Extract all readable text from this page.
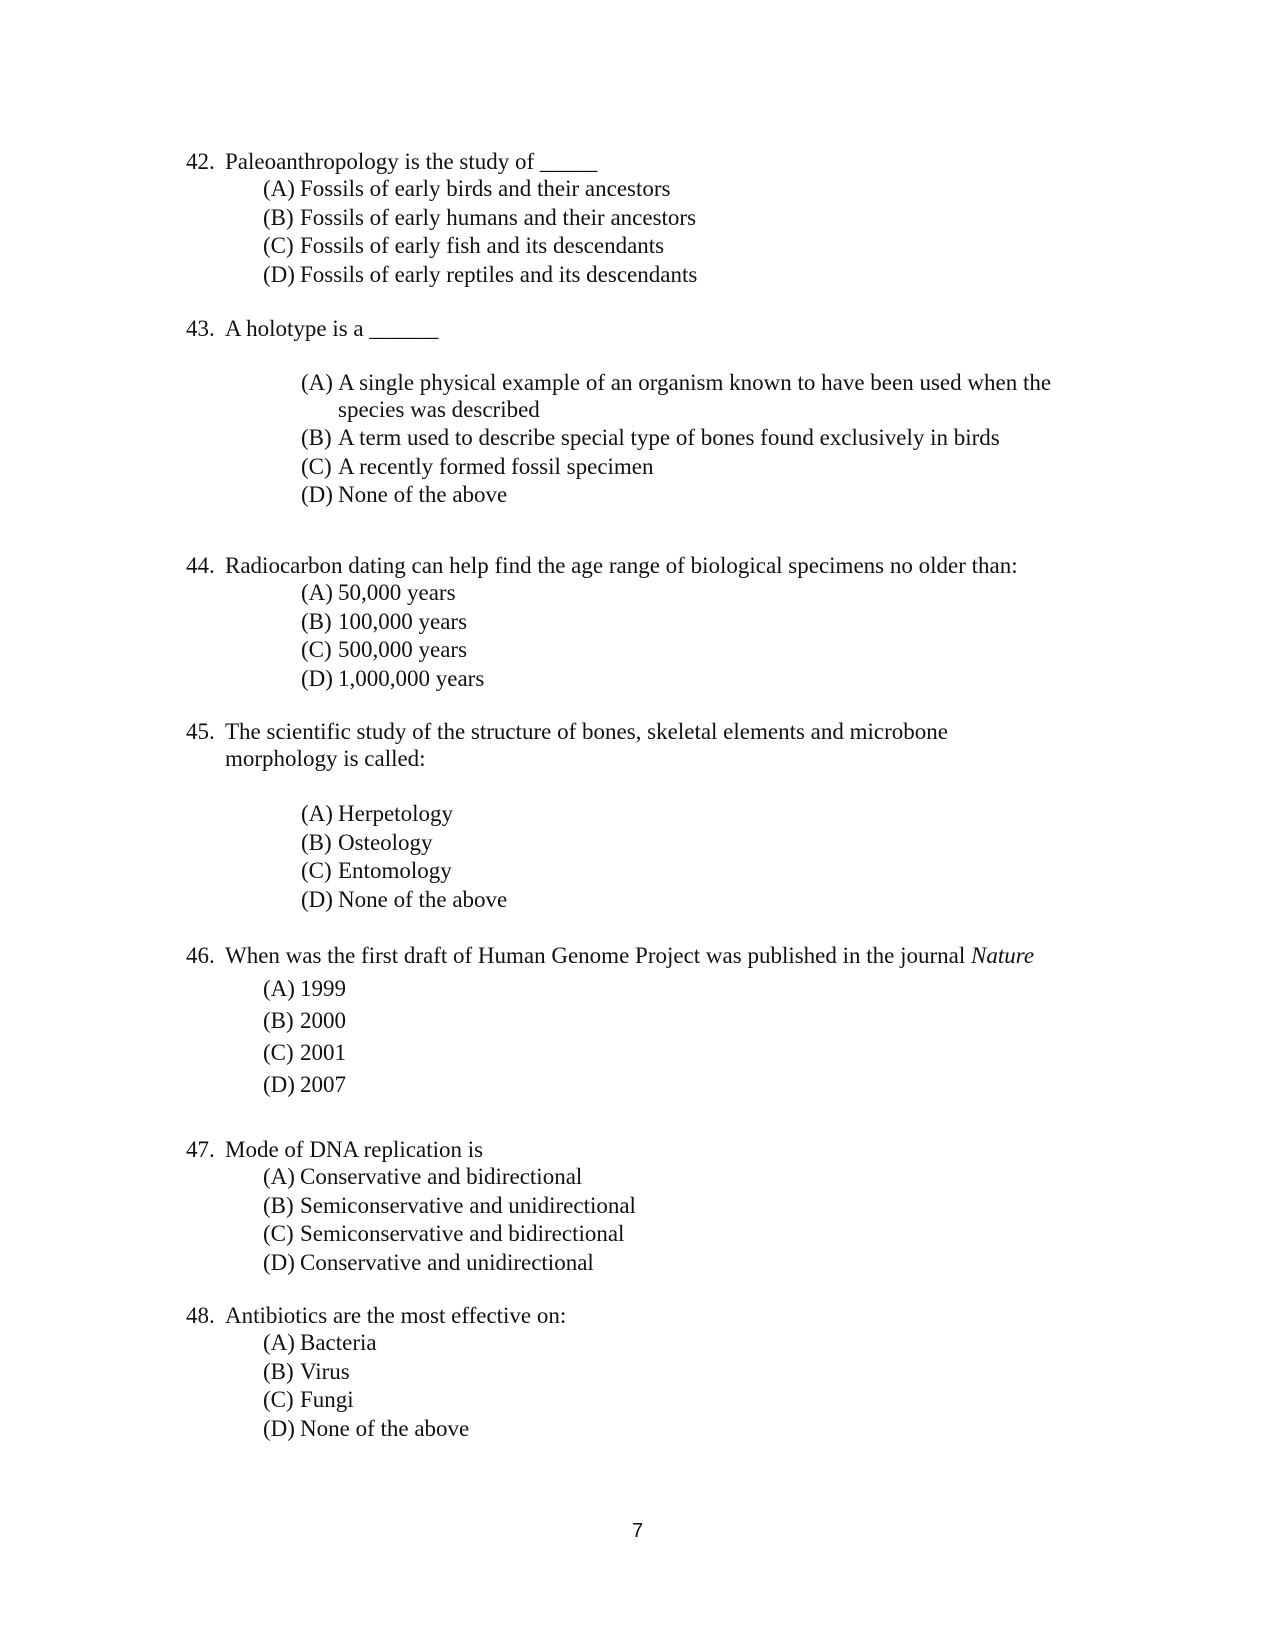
42. Paleoanthropology is the study of _____

(A) Fossils of early birds and their ancestors
(B) Fossils of early humans and their ancestors
(C) Fossils of early fish and its descendants
(D) Fossils of early reptiles and its descendants

43. A holotype is a ______

(A) A single physical example of an organism known to have been used when the species was described
(B) A term used to describe special type of bones found exclusively in birds
(C) A recently formed fossil specimen
(D) None of the above

44. Radiocarbon dating can help find the age range of biological specimens no older than:

(A) 50,000 years
(B) 100,000 years
(C) 500,000 years
(D) 1,000,000 years

45. The scientific study of the structure of bones, skeletal elements and microbone

morphology is called:

(A) Herpetology
(B) Osteology
(C) Entomology
(D) None of the above

46. When was the first draft of Human Genome Project was published in the journal Nature

(A) 1999
(B) 2000
(C) 2001
(D) 2007

47. Mode of DNA replication is

(A) Conservative and bidirectional
(B) Semiconservative and unidirectional
(C) Semiconservative and bidirectional
(D) Conservative and unidirectional

48. Antibiotics are the most effective on:

(A) Bacteria
(B) Virus
(C) Fungi
(D) None of the above
7
